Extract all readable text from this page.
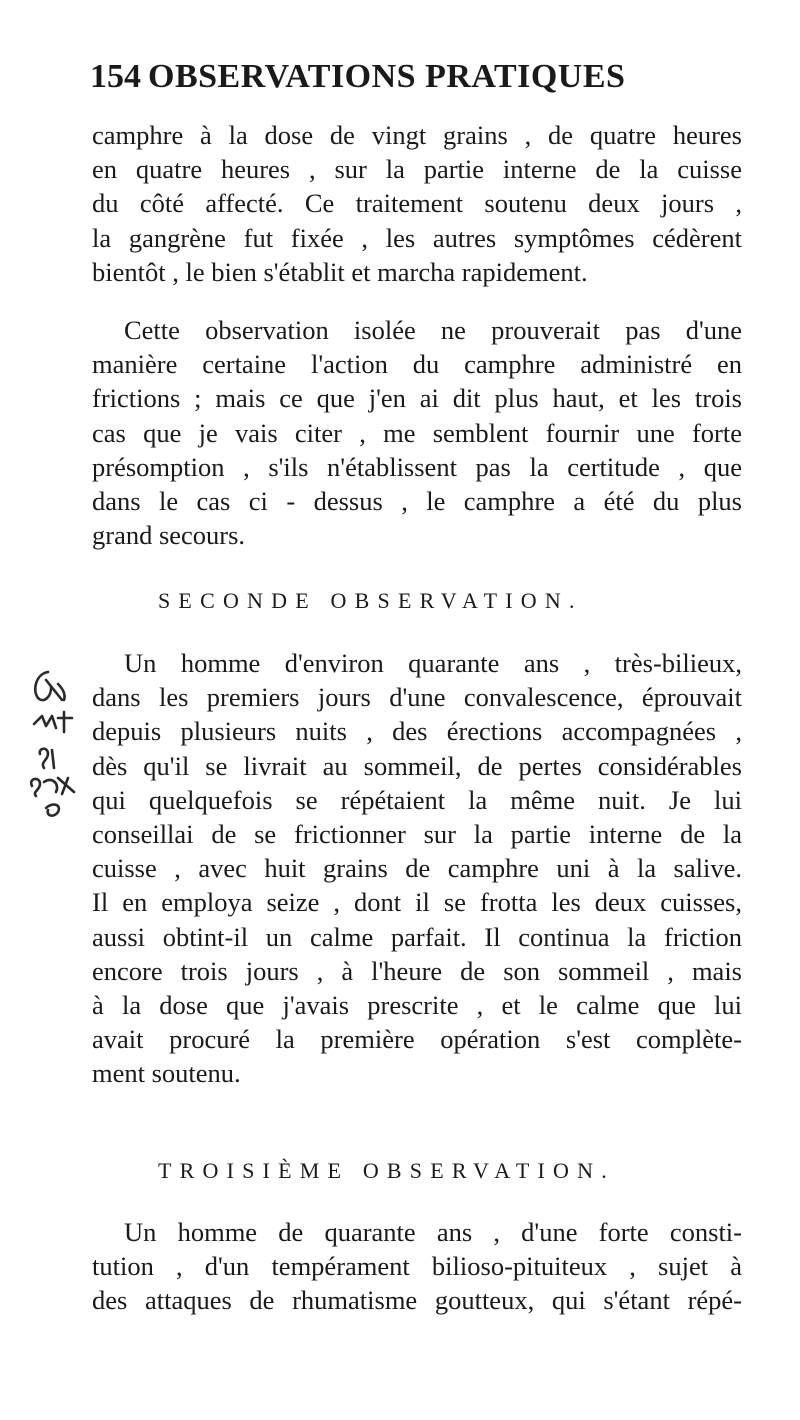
154 OBSERVATIONS PRATIQUES
camphre à la dose de vingt grains , de quatre heures
en quatre heures , sur la partie interne de la cuisse
du côté affecté. Ce traitement soutenu deux jours ,
la gangrène fut fixée , les autres symptômes cédèrent
bientôt , le bien s'établit et marcha rapidement.
Cette observation isolée ne prouverait pas d'une
manière certaine l'action du camphre administré en
frictions ; mais ce que j'en ai dit plus haut, et les trois
cas que je vais citer , me semblent fournir une forte
présomption , s'ils n'établissent pas la certitude , que
dans le cas ci - dessus , le camphre a été du plus
grand secours.
SECONDE OBSERVATION.
Un homme d'environ quarante ans , très-bilieux,
dans les premiers jours d'une convalescence, éprouvait
depuis plusieurs nuits , des érections accompagnées ,
dès qu'il se livrait au sommeil, de pertes considérables
qui quelquefois se répétaient la même nuit. Je lui
conseillai de se frictionner sur la partie interne de la
cuisse , avec huit grains de camphre uni à la salive.
Il en employa seize , dont il se frotta les deux cuisses,
aussi obtint-il un calme parfait. Il continua la friction
encore trois jours , à l'heure de son sommeil , mais
à la dose que j'avais prescrite , et le calme que lui
avait procuré la première opération s'est complète-
ment soutenu.
TROISIÈME OBSERVATION.
Un homme de quarante ans , d'une forte consti-
tution , d'un tempérament bilioso-pituiteux , sujet à
des attaques de rhumatisme goutteux, qui s'étant répé-
